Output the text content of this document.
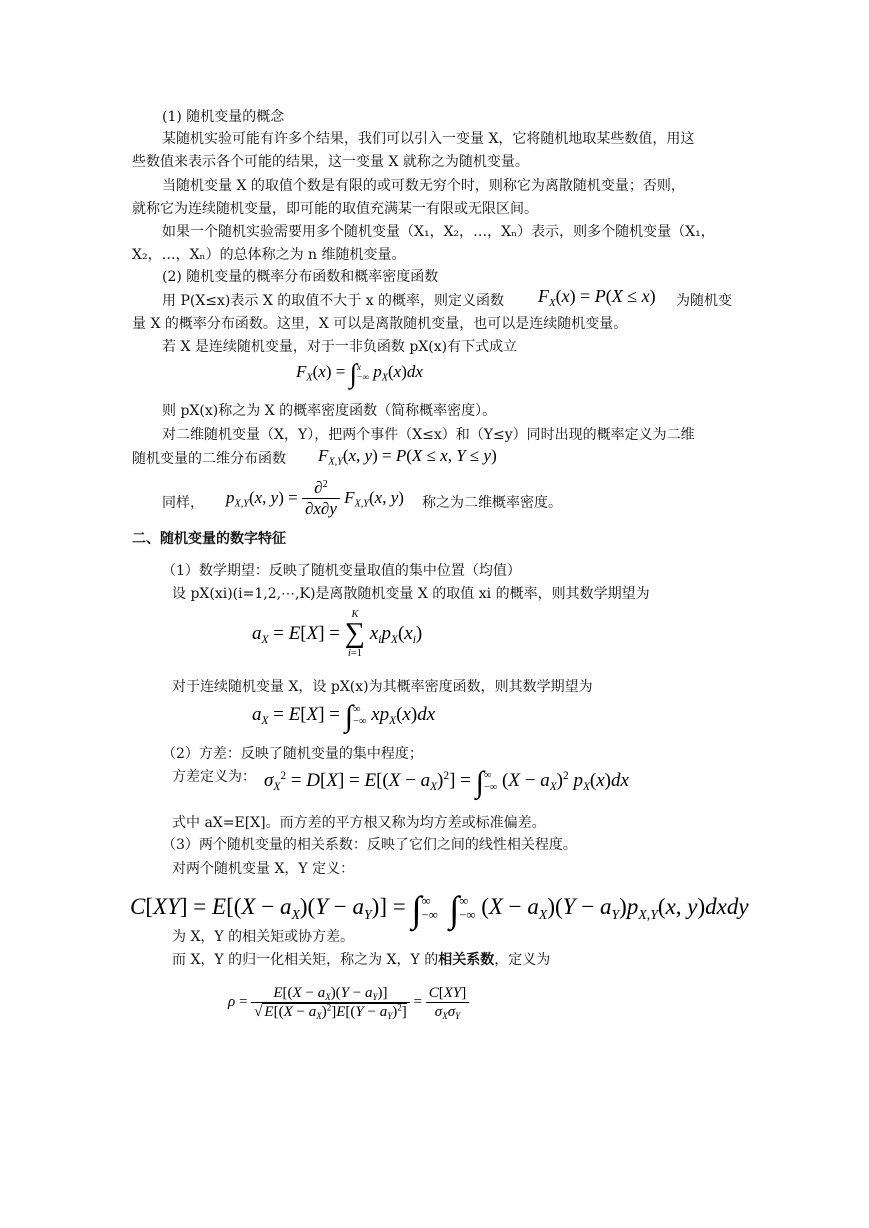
(1) 随机变量的概念
某随机实验可能有许多个结果，我们可以引入一变量 X，它将随机地取某些数值，用这
些数值来表示各个可能的结果，这一变量 X 就称之为随机变量。
当随机变量 X 的取值个数是有限的或可数无穷个时，则称它为离散随机变量；否则，
就称它为连续随机变量，即可能的取值充满某一有限或无限区间。
如果一个随机实验需要用多个随机变量（X₁，X₂，…，Xₙ）表示，则多个随机变量（X₁，
X₂，…，Xₙ）的总体称之为 n 维随机变量。
(2) 随机变量的概率分布函数和概率密度函数
用 P(X≤x)表示 X 的取值不大于 x 的概率，则定义函数 $F_X(x) = P(X \le x)$ 为随机变
量 X 的概率分布函数。这里，X 可以是离散随机变量，也可以是连续随机变量。
若 X 是连续随机变量，对于一非负函数 pX(x)有下式成立
$F_X(x)$ = ∫ x
−∞ $p_X(x)dx$
则 pX(x)称之为 X 的概率密度函数（简称概率密度）。
对二维随机变量（X，Y），把两个事件（X≤x）和（Y≤y）同时出现的概率定义为二维
随机变量的二维分布函数 $F_{X,Y}(x$, y) = P(X ≤ x, Y ≤ y)
同样， $p_{X,Y}(x$, $y) = \frac{\partial^2}{\partial x\partial y} F_{X,Y}(x$, y) 称之为二维概率密度。
二、随机变量的数字特征
（1）数学期望：反映了随机变量取值的集中位置（均值）
设 pX(xi)(i=1,2,⋯,K)是离散随机变量 X 的取值 xi 的概率，则其数学期望为
$a_X = E[X]$ =
K
∑
i=1
$x_ip_X(x_i)$
对于连续随机变量 X，设 pX(x)为其概率密度函数，则其数学期望为
$a_X = E[X]$ = ∫ ∞
−∞ $xp_X(x)dx$
（2）方差：反映了随机变量的集中程度；
方差定义为： $\sigma_X^2 = D[X] = E[(X - a_X)^2]$ = ∫ ∞
−∞ $(X - a_X)^2$ $p_X(x)dx$
式中 aX=E[X]。而方差的平方根又称为均方差或标准偏差。
（3）两个随机变量的相关系数：反映了它们之间的线性相关程度。
对两个随机变量 X，Y 定义：
$C[XY] = E[(X - a_X)(Y - a_Y)]$ = ∫ ∞
−∞ ∫ ∞
−∞ $(X - a_X)(Y - a_Y)p_{X,Y}(x$, y)dxdy
为 X，Y 的相关矩或协方差。
而 X，Y 的归一化相关矩，称之为 X，Y 的相关系数，定义为
$\rho = \frac{E[(X - a_X)(Y - a_Y)]}{√ E[(X - a_X)^2]E[(Y - a_Y)^2]} = \frac{C[XY]}{\sigma_X\sigma_Y}$
